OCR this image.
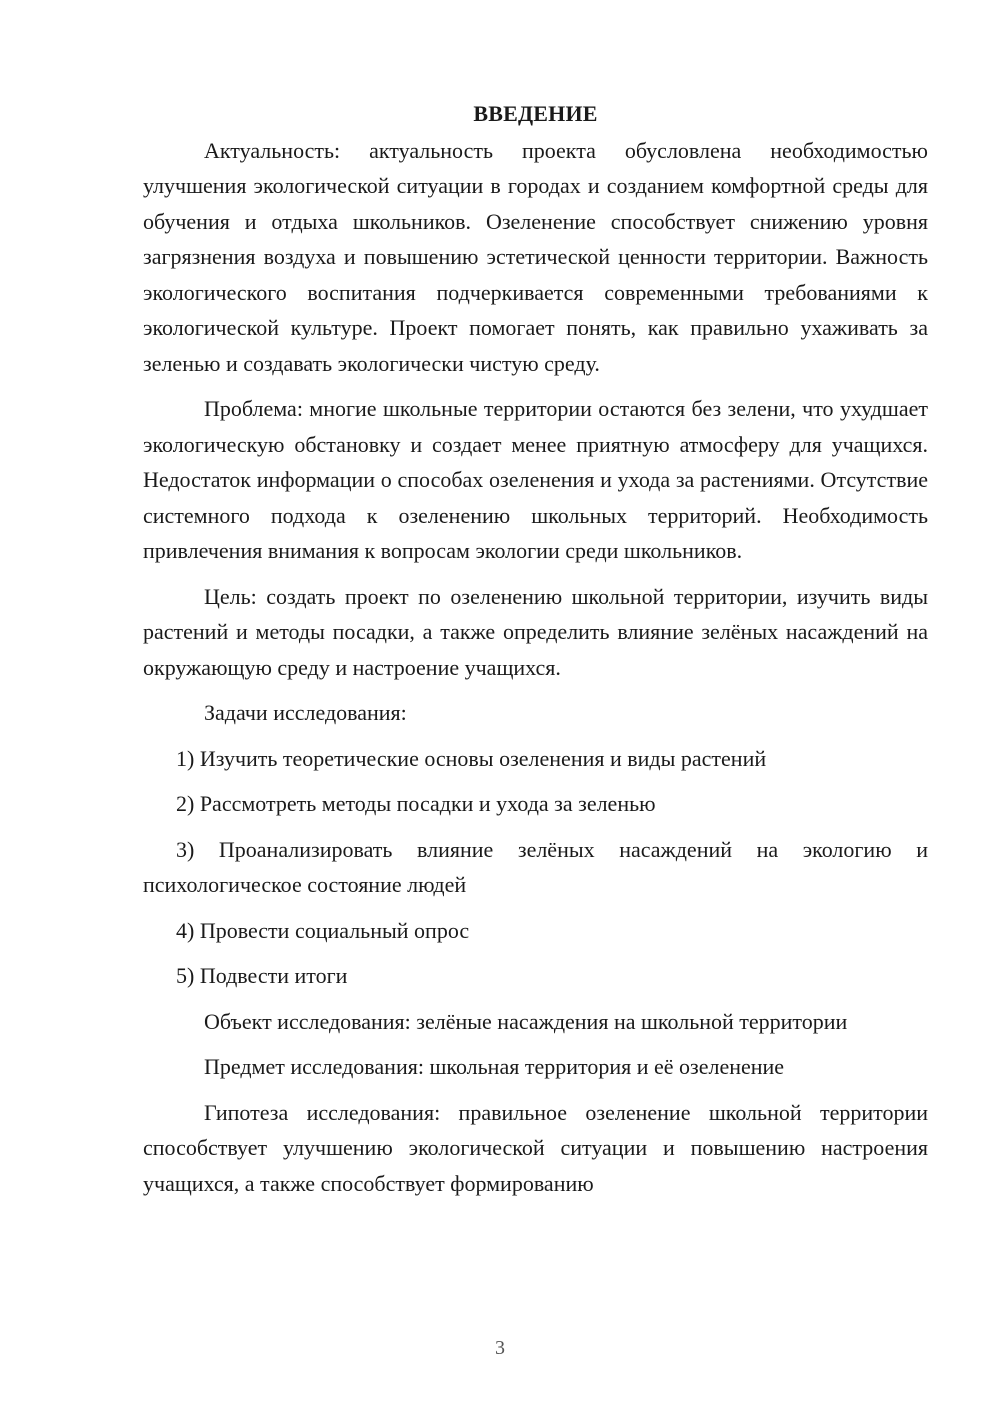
ВВЕДЕНИЕ

Актуальность: актуальность проекта обусловлена необходимостью улучшения экологической ситуации в городах и созданием комфортной среды для обучения и отдыха школьников. Озеленение способствует снижению уровня загрязнения воздуха и повышению эстетической ценности территории. Важность экологического воспитания подчеркивается современными требованиями к экологической культуре. Проект помогает понять, как правильно ухаживать за зеленью и создавать экологически чистую среду.

Проблема: многие школьные территории остаются без зелени, что ухудшает экологическую обстановку и создает менее приятную атмосферу для учащихся. Недостаток информации о способах озеленения и ухода за растениями. Отсутствие системного подхода к озеленению школьных территорий. Необходимость привлечения внимания к вопросам экологии среди школьников.

Цель: создать проект по озеленению школьной территории, изучить виды растений и методы посадки, а также определить влияние зелёных насаждений на окружающую среду и настроение учащихся.

Задачи исследования:

1) Изучить теоретические основы озеленения и виды растений
2) Рассмотреть методы посадки и ухода за зеленью
3) Проанализировать влияние зелёных насаждений на экологию и психологическое состояние людей
4) Провести социальный опрос
5) Подвести итоги

Объект исследования: зелёные насаждения на школьной территории

Предмет исследования: школьная территория и её озеленение

Гипотеза исследования: правильное озеленение школьной территории способствует улучшению экологической ситуации и повышению настроения учащихся, а также способствует формированию

3
